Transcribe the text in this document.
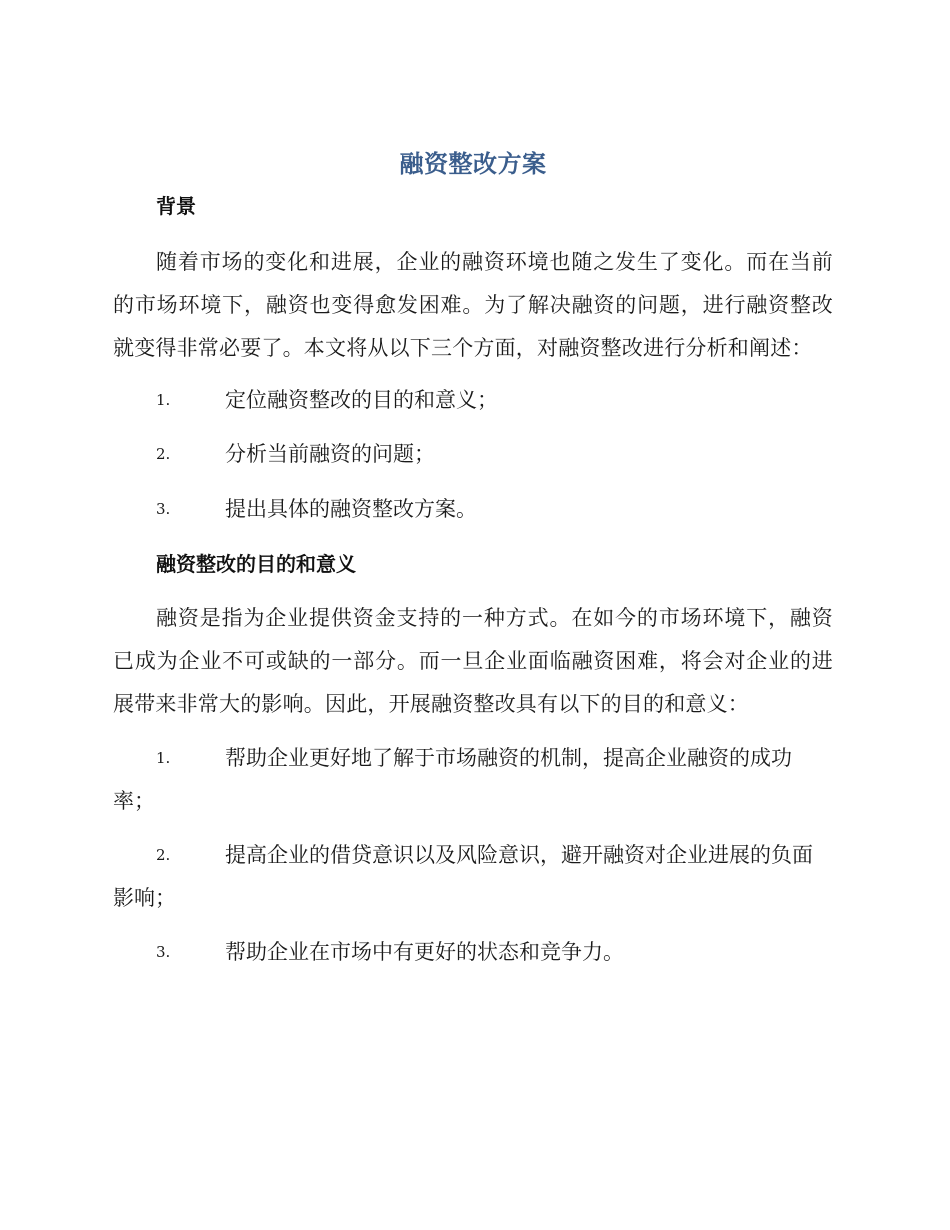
融资整改方案
背景
随着市场的变化和进展，企业的融资环境也随之发生了变化。而在当前的市场环境下，融资也变得愈发困难。为了解决融资的问题，进行融资整改就变得非常必要了。本文将从以下三个方面，对融资整改进行分析和阐述：
1.	定位融资整改的目的和意义；
2.	分析当前融资的问题；
3.	提出具体的融资整改方案。
融资整改的目的和意义
融资是指为企业提供资金支持的一种方式。在如今的市场环境下，融资已成为企业不可或缺的一部分。而一旦企业面临融资困难，将会对企业的进展带来非常大的影响。因此，开展融资整改具有以下的目的和意义：
1.	帮助企业更好地了解于市场融资的机制，提高企业融资的成功率；
2.	提高企业的借贷意识以及风险意识，避开融资对企业进展的负面影响；
3.	帮助企业在市场中有更好的状态和竞争力。
